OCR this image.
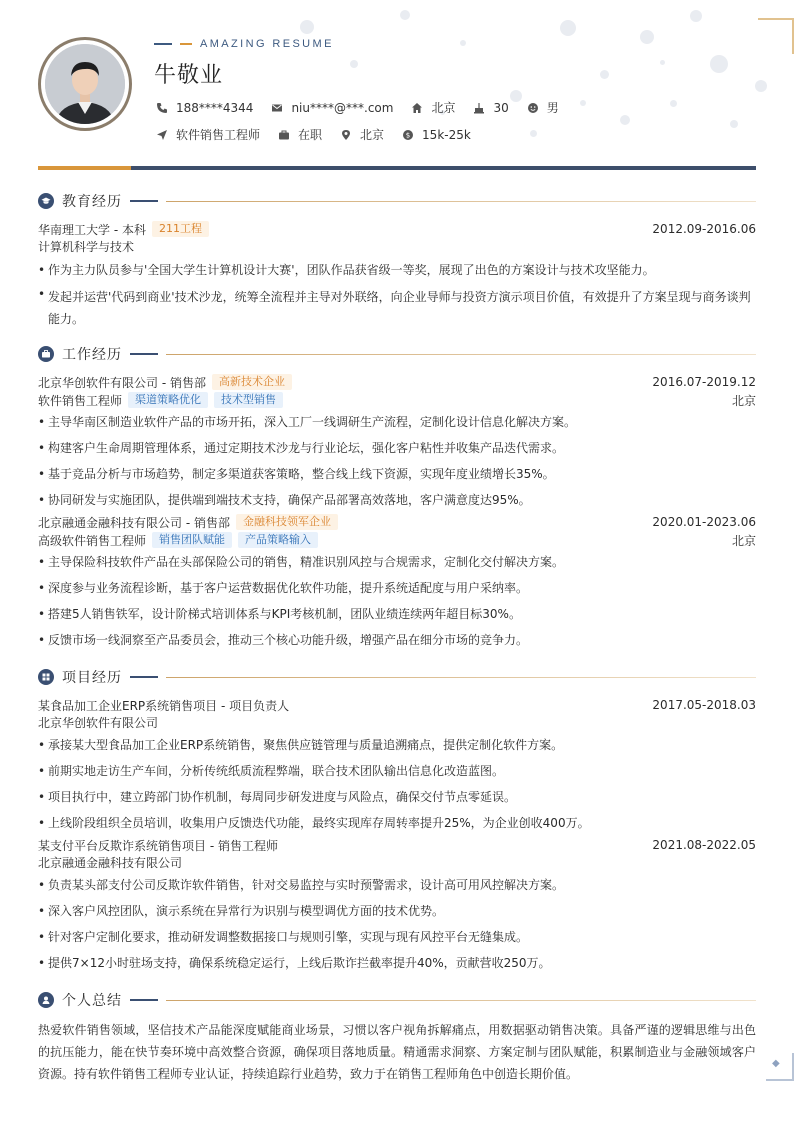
◆
AMAZING RESUME
牛敬业
188****4344	niu****@***.com	北京	30	男
软件销售工程师	在职	北京	$ 15k-25k
教育经历
华南理工大学 - 本科	211工程	2012.09-2016.06
计算机科学与技术
• 作为主力队员参与'全国大学生计算机设计大赛'，团队作品获省级一等奖，展现了出色的方案设计与技术攻坚能力。
• 发起并运营'代码到商业'技术沙龙，统筹全流程并主导对外联络，向企业导师与投资方演示项目价值，有效提升了方案呈现与商务谈判能力。
工作经历
北京华创软件有限公司 - 销售部	高新技术企业	2016.07-2019.12
软件销售工程师	渠道策略优化	技术型销售	北京
• 主导华南区制造业软件产品的市场开拓，深入工厂一线调研生产流程，定制化设计信息化解决方案。
• 构建客户生命周期管理体系，通过定期技术沙龙与行业论坛，强化客户粘性并收集产品迭代需求。
• 基于竞品分析与市场趋势，制定多渠道获客策略，整合线上线下资源，实现年度业绩增长35%。
• 协同研发与实施团队，提供端到端技术支持，确保产品部署高效落地，客户满意度达95%。
北京融通金融科技有限公司 - 销售部	金融科技领军企业	2020.01-2023.06
高级软件销售工程师	销售团队赋能	产品策略输入	北京
• 主导保险科技软件产品在头部保险公司的销售，精准识别风控与合规需求，定制化交付解决方案。
• 深度参与业务流程诊断，基于客户运营数据优化软件功能，提升系统适配度与用户采纳率。
• 搭建5人销售铁军，设计阶梯式培训体系与KPI考核机制，团队业绩连续两年超目标30%。
• 反馈市场一线洞察至产品委员会，推动三个核心功能升级，增强产品在细分市场的竞争力。
项目经历
某食品加工企业ERP系统销售项目 - 项目负责人	2017.05-2018.03
北京华创软件有限公司
• 承接某大型食品加工企业ERP系统销售，聚焦供应链管理与质量追溯痛点，提供定制化软件方案。
• 前期实地走访生产车间，分析传统纸质流程弊端，联合技术团队输出信息化改造蓝图。
• 项目执行中，建立跨部门协作机制，每周同步研发进度与风险点，确保交付节点零延误。
• 上线阶段组织全员培训，收集用户反馈迭代功能，最终实现库存周转率提升25%，为企业创收400万。
某支付平台反欺诈系统销售项目 - 销售工程师	2021.08-2022.05
北京融通金融科技有限公司
• 负责某头部支付公司反欺诈软件销售，针对交易监控与实时预警需求，设计高可用风控解决方案。
• 深入客户风控团队，演示系统在异常行为识别与模型调优方面的技术优势。
• 针对客户定制化要求，推动研发调整数据接口与规则引擎，实现与现有风控平台无缝集成。
• 提供7×12小时驻场支持，确保系统稳定运行，上线后欺诈拦截率提升40%，贡献营收250万。
个人总结

热爱软件销售领域，坚信技术产品能深度赋能商业场景，习惯以客户视角拆解痛点，用数据驱动销售决策。具备严谨的逻辑思维与出色的抗压能力，能在快节奏环境中高效整合资源，确保项目落地质量。精通需求洞察、方案定制与团队赋能，积累制造业与金融领域客户资源。持有软件销售工程师专业认证，持续追踪行业趋势，致力于在销售工程师角色中创造长期价值。
